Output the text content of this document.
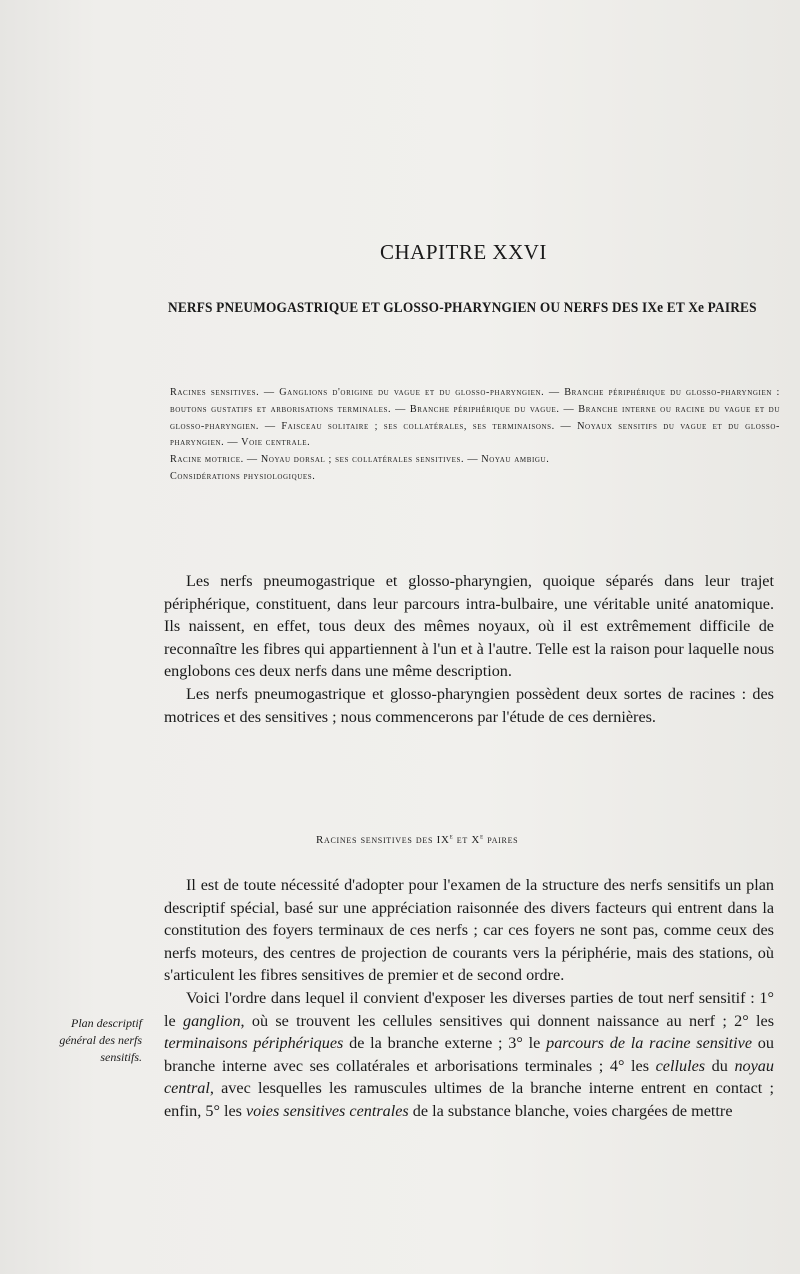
CHAPITRE XXVI
NERFS PNEUMOGASTRIQUE ET GLOSSO-PHARYNGIEN OU NERFS DES IXe ET Xe PAIRES

Racines sensitives. — Ganglions d'origine du vague et du glosso-pharyngien. — Branche périphérique du glosso-pharyngien : boutons gustatifs et arborisations terminales. — Branche périphérique du vague. — Branche interne ou racine du vague et du glosso-pharyngien. — Faisceau solitaire ; ses collatérales, ses terminaisons. — Noyaux sensitifs du vague et du glosso-pharyngien. — Voie centrale.

Racine motrice. — Noyau dorsal ; ses collatérales sensitives. — Noyau ambigu.

Considérations physiologiques.

Les nerfs pneumogastrique et glosso-pharyngien, quoique séparés dans leur trajet périphérique, constituent, dans leur parcours intra-bulbaire, une véritable unité anatomique. Ils naissent, en effet, tous deux des mêmes noyaux, où il est extrêmement difficile de reconnaître les fibres qui appartiennent à l'un et à l'autre. Telle est la raison pour laquelle nous englobons ces deux nerfs dans une même description.

Les nerfs pneumogastrique et glosso-pharyngien possèdent deux sortes de racines : des motrices et des sensitives ; nous commencerons par l'étude de ces dernières.

Racines sensitives des IXe et Xe paires

Il est de toute nécessité d'adopter pour l'examen de la structure des nerfs sensitifs un plan descriptif spécial, basé sur une appréciation raisonnée des divers facteurs qui entrent dans la constitution des foyers terminaux de ces nerfs ; car ces foyers ne sont pas, comme ceux des nerfs moteurs, des centres de projection de courants vers la périphérie, mais des stations, où s'articulent les fibres sensitives de premier et de second ordre.

Voici l'ordre dans lequel il convient d'exposer les diverses parties de tout nerf sensitif : 1° le ganglion, où se trouvent les cellules sensitives qui donnent naissance au nerf ; 2° les terminaisons périphériques de la branche externe ; 3° le parcours de la racine sensitive ou branche interne avec ses collatérales et arborisations terminales ; 4° les cellules du noyau central, avec lesquelles les ramuscules ultimes de la branche interne entrent en contact ; enfin, 5° les voies sensitives centrales de la substance blanche, voies chargées de mettre

Plan descriptif général des nerfs sensitifs.
